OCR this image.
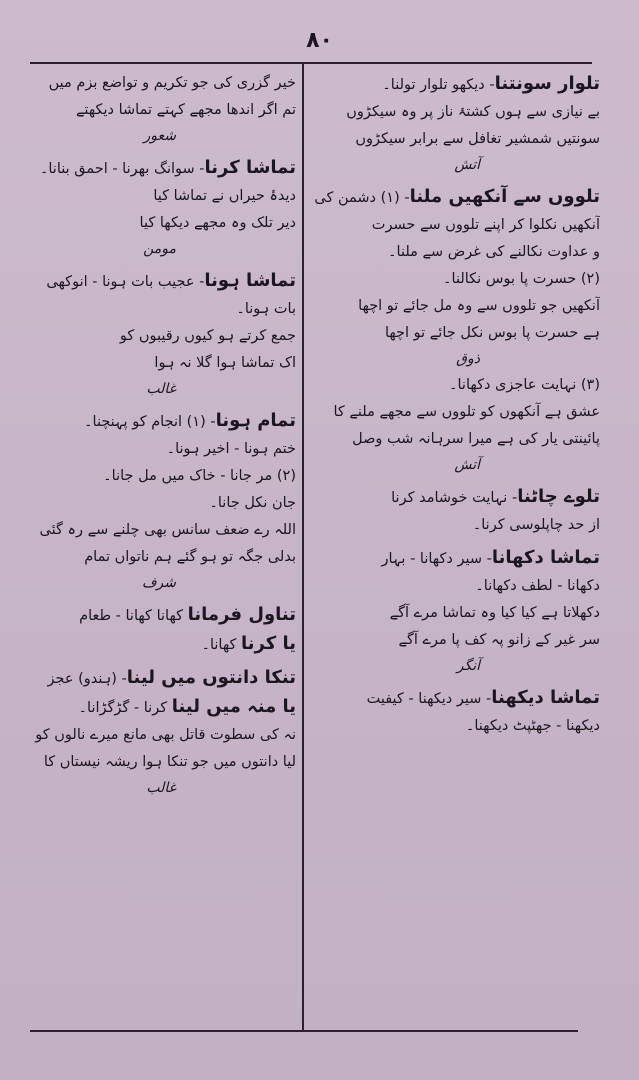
۸۰
تلوار سونتنا- دیکھو تلوار تولنا۔
بے نیازی سے ہوں کشتۂ ناز پر وہ سیکڑوں
سونتیں شمشیر تغافل سے برابر سیکڑوں
آتش
تلووں سے آنکھیں ملنا- (۱) دشمن کی
آنکھیں نکلوا کر اپنے تلووں سے حسرت
و عداوت نکالنے کی غرض سے ملنا۔
(۲) حسرت پا بوس نکالنا۔
آنکھیں جو تلووں سے وہ مل جائے تو اچھا
ہے حسرت پا بوس نکل جائے تو اچھا
ذوق
(۳) نہایت عاجزی دکھانا۔
عشق ہے آنکھوں کو تلووں سے مجھے ملنے کا
پائینتی یار کی ہے میرا سرہانہ شب وصل
آتش
تلوے چاٹنا- نہایت خوشامد کرنا
از حد چاپلوسی کرنا۔
تماشا دکھانا- سیر دکھانا - بہار
دکھانا - لطف دکھانا۔
دکھلاتا ہے کیا کیا وہ تماشا مرے آگے
سر غیر کے زانو پہ کف پا مرے آگے
آنگر
تماشا دیکھنا- سیر دیکھنا - کیفیت
دیکھنا - جھٹپٹ دیکھنا۔
خیر گزری کی جو تکریم و تواضع بزم میں
تم اگر اندھا مجھے کہتے تماشا دیکھتے
شعور
تماشا کرنا- سوانگ بھرنا - احمق بنانا۔
دیدۂ حیراں نے تماشا کیا
دیر تلک وہ مجھے دیکھا کیا
مومن
تماشا ہونا- عجیب بات ہونا - انوکھی
بات ہونا۔
جمع کرتے ہو کیوں رقیبوں کو
اک تماشا ہوا گلا نہ ہوا
غالب
تمام ہونا- (۱) انجام کو پہنچنا۔
ختم ہونا - اخیر ہونا۔
(۲) مر جانا - خاک میں مل جانا۔
جان نکل جانا۔
اللہ رے ضعف سانس بھی چلنے سے رہ گئی
بدلی جگہ تو ہو گئے ہم ناتواں تمام
شرف
تناول فرمانا کھانا کھانا - طعام
یا کرنا کھانا۔
تنکا دانتوں میں لینا- (ہندو) عجز
یا منہ میں لینا کرنا - گڑگڑانا۔
نہ کی سطوت قاتل بھی مانع میرے نالوں کو
لیا دانتوں میں جو تنکا ہوا ریشہ نیستاں کا
غالب
